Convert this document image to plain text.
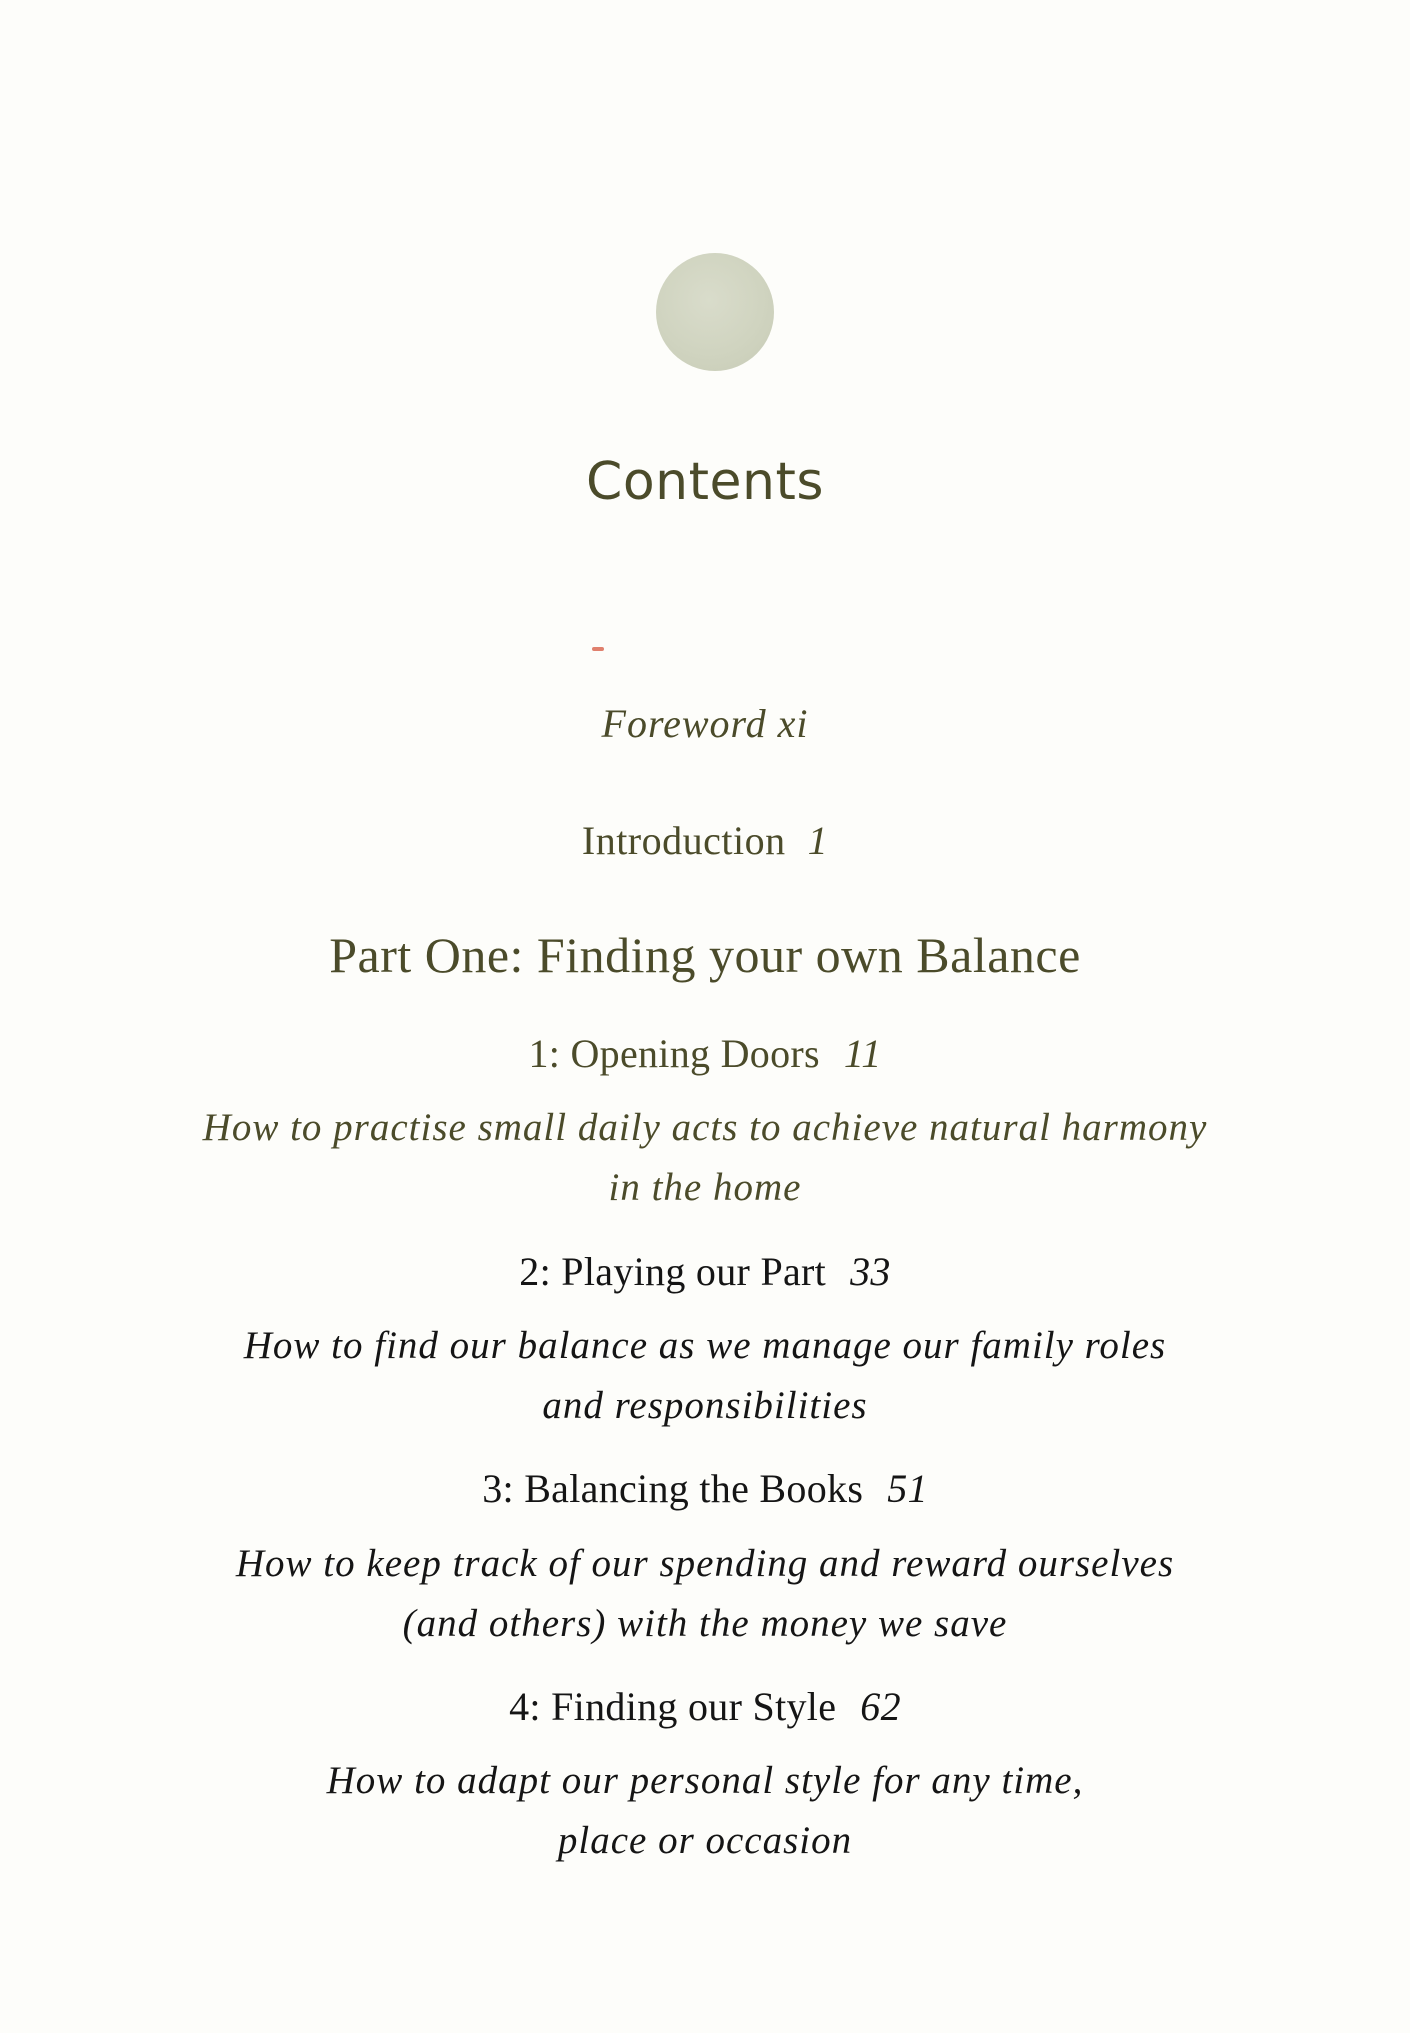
Contents
Foreword xi
Introduction 1
Part One: Finding your own Balance
1: Opening Doors 11
How to practise small daily acts to achieve natural harmony
in the home
2: Playing our Part 33
How to find our balance as we manage our family roles
and responsibilities
3: Balancing the Books 51
How to keep track of our spending and reward ourselves
(and others) with the money we save
4: Finding our Style 62
How to adapt our personal style for any time,
place or occasion
